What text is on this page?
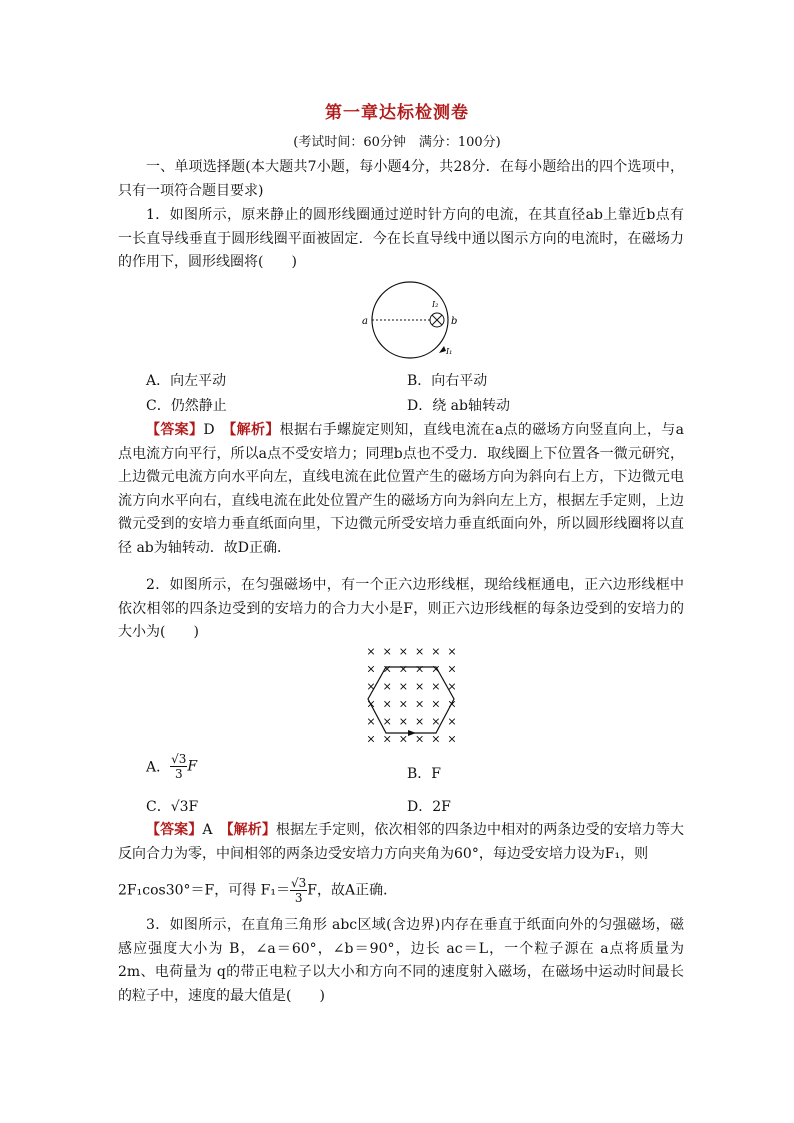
第一章达标检测卷
(考试时间：60分钟　满分：100分)
一、单项选择题(本大题共7小题，每小题4分，共28分．在每小题给出的四个选项中，只有一项符合题目要求)
1．如图所示，原来静止的圆形线圈通过逆时针方向的电流，在其直径ab上靠近b点有一长直导线垂直于圆形线圈平面被固定．今在长直导线中通以图示方向的电流时，在磁场力的作用下，圆形线圈将(　　)
a	b
I₂
I₁
A．向左平动	B．向右平动
C．仍然静止	D．绕 ab轴转动
【答案】D　 【解析】根据右手螺旋定则知，直线电流在a点的磁场方向竖直向上，与a点电流方向平行，所以a点不受安培力；同理b点也不受力．取线圈上下位置各一微元研究，上边微元电流方向水平向左，直线电流在此位置产生的磁场方向为斜向右上方，下边微元电流方向水平向右，直线电流在此处位置产生的磁场方向为斜向左上方，根据左手定则，上边微元受到的安培力垂直纸面向里，下边微元所受安培力垂直纸面向外，所以圆形线圈将以直径 ab为轴转动．故D正确．
2．如图所示，在匀强磁场中，有一个正六边形线框，现给线框通电，正六边形线框中依次相邻的四条边受到的安培力的合力大小是F，则正六边形线框的每条边受到的安培力的大小为(　　)
× × × × × ×
× × × × × ×
× × × × × ×
× × × × × ×
× × × × × ×
× × × × × ×
A． $\frac{√3}{3}$ F	B．F
C．√3F	D．2F
【答案】A　 【解析】根据左手定则，依次相邻的四条边中相对的两条边受的安培力等大反向合力为零，中间相邻的两条边受安培力方向夹角为60°，每边受安培力设为F₁，则
2F₁cos30°＝F，可得 $F_1= \frac{√3}{3}$ F，故A正确．
3．如图所示，在直角三角形 abc区域(含边界)内存在垂直于纸面向外的匀强磁场，磁感应强度大小为 B，∠a＝60°，∠b＝90°，边长 ac＝L，一个粒子源在 a点将质量为 2m、电荷量为 q的带正电粒子以大小和方向不同的速度射入磁场，在磁场中运动时间最长的粒子中，速度的最大值是(　　)
